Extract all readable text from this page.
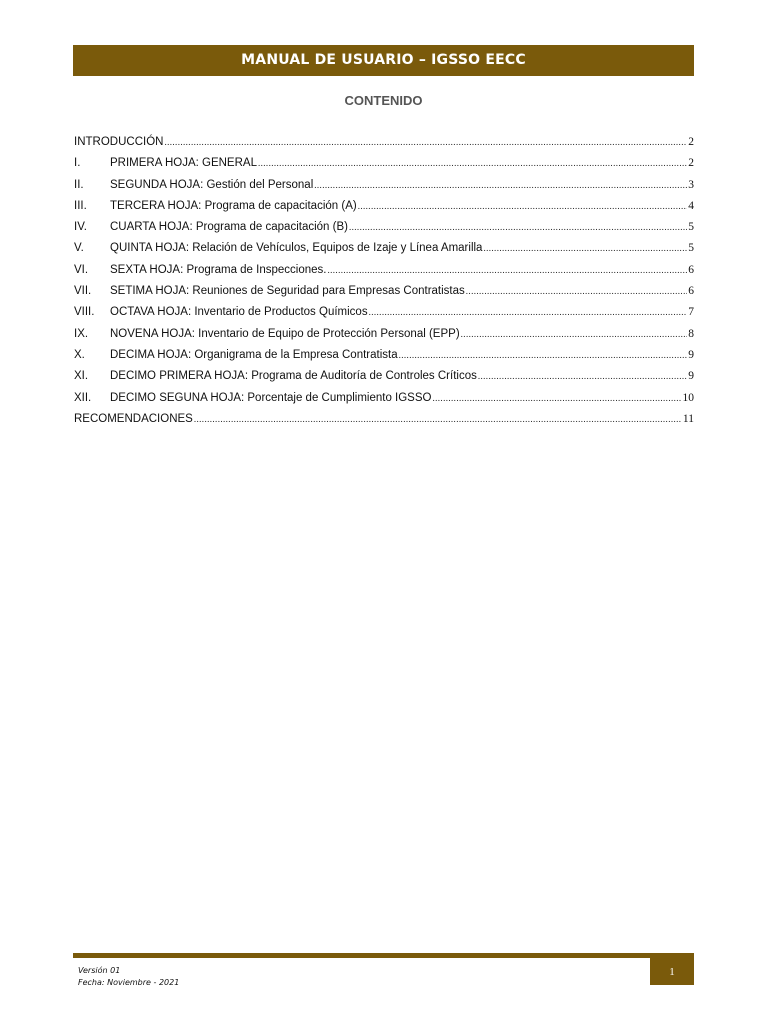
MANUAL DE USUARIO – IGSSO EECC
CONTENIDO
INTRODUCCIÓN .....	2
I.	PRIMERA HOJA: GENERAL .....	2
II.	SEGUNDA HOJA: Gestión del Personal .....	3
III.	TERCERA HOJA: Programa de capacitación (A) .....	4
IV.	CUARTA HOJA: Programa de capacitación (B) .....	5
V.	QUINTA HOJA: Relación de Vehículos, Equipos de Izaje y Línea Amarilla .....	5
VI.	SEXTA HOJA: Programa de Inspecciones. .....	6
VII.	SETIMA HOJA: Reuniones de Seguridad para Empresas Contratistas .....	6
VIII.	OCTAVA HOJA: Inventario de Productos Químicos .....	7
IX.	NOVENA HOJA: Inventario de Equipo de Protección Personal (EPP) .....	8
X.	DECIMA HOJA: Organigrama de la Empresa Contratista .....	9
XI.	DECIMO PRIMERA HOJA: Programa de Auditoría de Controles Críticos .....	9
XII.	DECIMO SEGUNA HOJA: Porcentaje de Cumplimiento IGSSO .....	10
RECOMENDACIONES .....	11
Versión 01
Fecha: Noviembre - 2021
1
